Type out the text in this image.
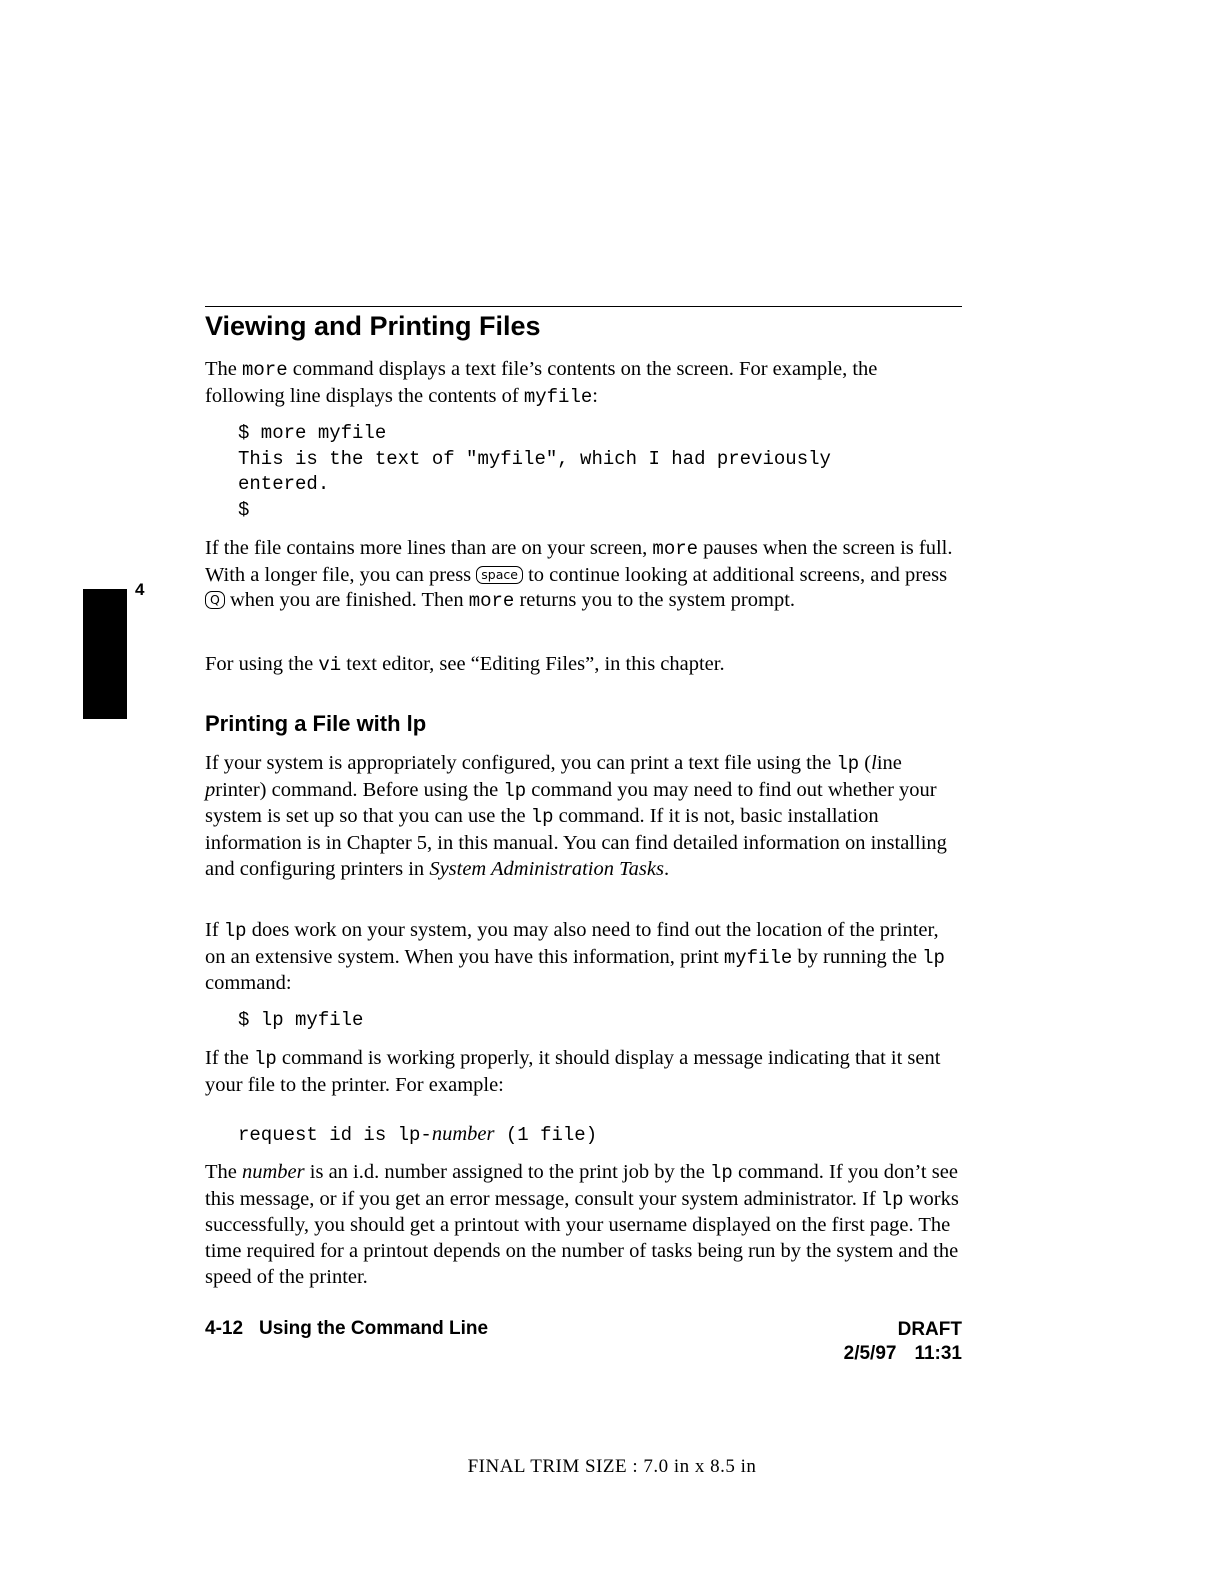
Viewing and Printing Files

The more command displays a text file’s contents on the screen. For example, the following line displays the contents of myfile:

$ more myfile
This is the text of "myfile", which I had previously
entered.
$

If the file contains more lines than are on your screen, more pauses when the screen is full. With a longer file, you can press space to continue looking at additional screens, and press Q when you are finished. Then more returns you to the system prompt.

For using the vi text editor, see “Editing Files”, in this chapter.

4
Printing a File with lp

If your system is appropriately configured, you can print a text file using the lp (line printer) command. Before using the lp command you may need to find out whether your system is set up so that you can use the lp command. If it is not, basic installation information is in Chapter 5, in this manual. You can find detailed information on installing and configuring printers in System Administration Tasks.

If lp does work on your system, you may also need to find out the location of the printer, on an extensive system. When you have this information, print myfile by running the lp command:

$ lp myfile

If the lp command is working properly, it should display a message indicating that it sent your file to the printer. For example:

request id is lp-number (1 file)

The number is an i.d. number assigned to the print job by the lp command. If you don’t see this message, or if you get an error message, consult your system administrator. If lp works successfully, you should get a printout with your username displayed on the first page. The time required for a printout depends on the number of tasks being run by the system and the speed of the printer.

4-12 Using the Command Line	DRAFT
2/5/97 11:31
FINAL TRIM SIZE : 7.0 in x 8.5 in
